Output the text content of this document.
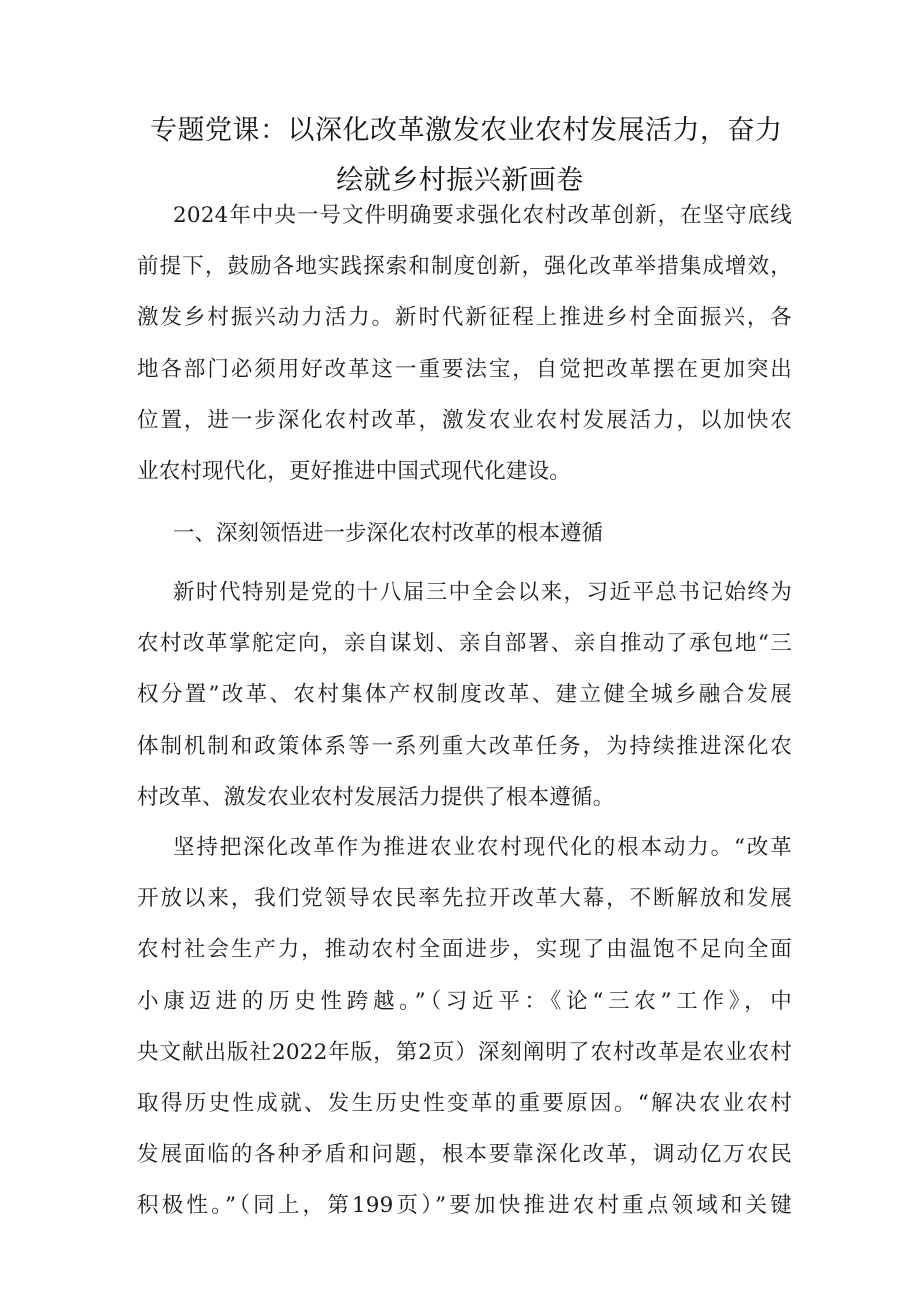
专题党课：以深化改革激发农业农村发展活力，奋力
绘就乡村振兴新画卷
2024年中央一号文件明确要求强化农村改革创新，在坚守底线
前提下，鼓励各地实践探索和制度创新，强化改革举措集成增效，
激发乡村振兴动力活力。新时代新征程上推进乡村全面振兴，各
地各部门必须用好改革这一重要法宝，自觉把改革摆在更加突出
位置，进一步深化农村改革，激发农业农村发展活力，以加快农
业农村现代化，更好推进中国式现代化建设。
一、深刻领悟进一步深化农村改革的根本遵循
新时代特别是党的十八届三中全会以来，习近平总书记始终为
农村改革掌舵定向，亲自谋划、亲自部署、亲自推动了承包地“三
权分置”改革、农村集体产权制度改革、建立健全城乡融合发展
体制机制和政策体系等一系列重大改革任务，为持续推进深化农
村改革、激发农业农村发展活力提供了根本遵循。
坚持把深化改革作为推进农业农村现代化的根本动力。“改革
开放以来，我们党领导农民率先拉开改革大幕，不断解放和发展
农村社会生产力，推动农村全面进步，实现了由温饱不足向全面
小康迈进的历史性跨越。”（习近平：《论“三农”工作》，中
央文献出版社2022年版，第2页）深刻阐明了农村改革是农业农村
取得历史性成就、发生历史性变革的重要原因。“解决农业农村
发展面临的各种矛盾和问题，根本要靠深化改革，调动亿万农民
积极性。”（同上，第199页）”要加快推进农村重点领域和关键
